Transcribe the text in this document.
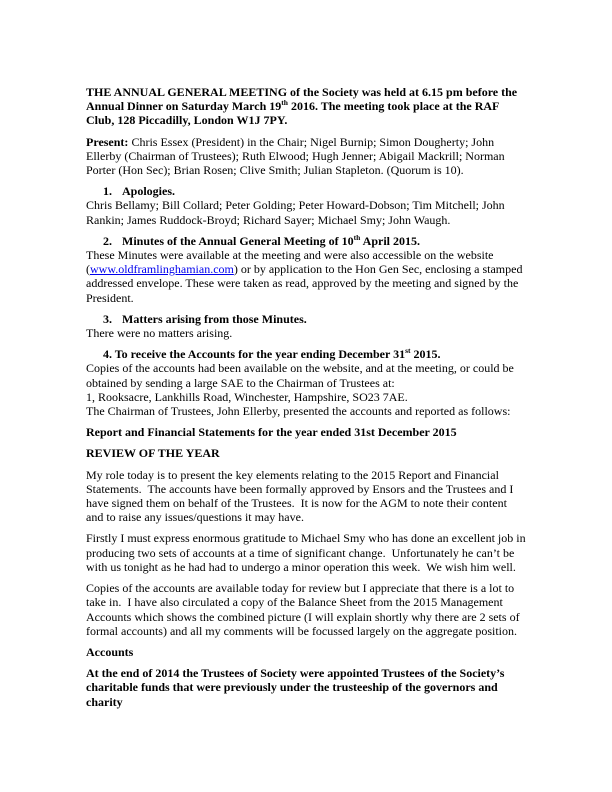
THE ANNUAL GENERAL MEETING of the Society was held at 6.15 pm before the Annual Dinner on Saturday March 19th 2016. The meeting took place at the RAF Club, 128 Piccadilly, London W1J 7PY.

Present: Chris Essex (President) in the Chair; Nigel Burnip; Simon Dougherty; John Ellerby (Chairman of Trustees); Ruth Elwood; Hugh Jenner; Abigail Mackrill; Norman Porter (Hon Sec); Brian Rosen; Clive Smith; Julian Stapleton. (Quorum is 10).

1. Apologies.

Chris Bellamy; Bill Collard; Peter Golding; Peter Howard-Dobson; Tim Mitchell; John Rankin; James Ruddock-Broyd; Richard Sayer; Michael Smy; John Waugh.

2. Minutes of the Annual General Meeting of 10th April 2015.

These Minutes were available at the meeting and were also accessible on the website (www.oldframlinghamian.com) or by application to the Hon Gen Sec, enclosing a stamped addressed envelope. These were taken as read, approved by the meeting and signed by the President.

3. Matters arising from those Minutes.

There were no matters arising.

4. To receive the Accounts for the year ending December 31st 2015.

Copies of the accounts had been available on the website, and at the meeting, or could be obtained by sending a large SAE to the Chairman of Trustees at:
1, Rooksacre, Lankhills Road, Winchester, Hampshire, SO23 7AE.
The Chairman of Trustees, John Ellerby, presented the accounts and reported as follows:

Report and Financial Statements for the year ended 31st December 2015

REVIEW OF THE YEAR

My role today is to present the key elements relating to the 2015 Report and Financial Statements.  The accounts have been formally approved by Ensors and the Trustees and I have signed them on behalf of the Trustees.  It is now for the AGM to note their content and to raise any issues/questions it may have.

Firstly I must express enormous gratitude to Michael Smy who has done an excellent job in producing two sets of accounts at a time of significant change.  Unfortunately he can’t be with us tonight as he had had to undergo a minor operation this week.  We wish him well.

Copies of the accounts are available today for review but I appreciate that there is a lot to take in.  I have also circulated a copy of the Balance Sheet from the 2015 Management Accounts which shows the combined picture (I will explain shortly why there are 2 sets of formal accounts) and all my comments will be focussed largely on the aggregate position.

Accounts

At the end of 2014 the Trustees of Society were appointed Trustees of the Society’s charitable funds that were previously under the trusteeship of the governors and charity
